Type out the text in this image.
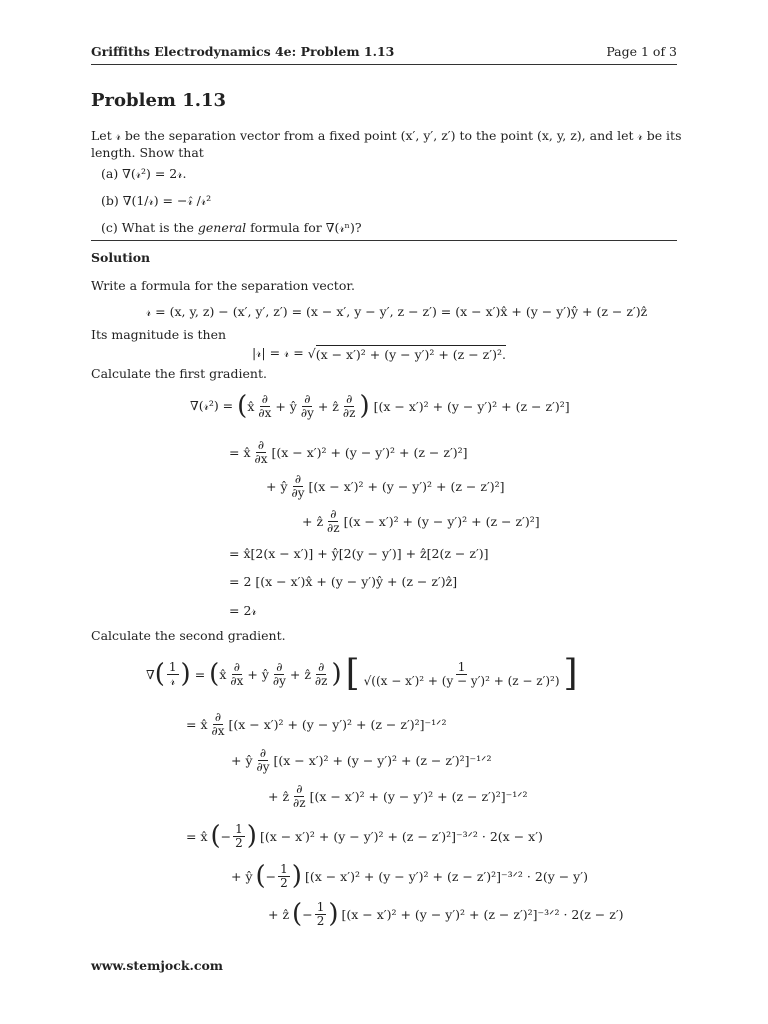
Griffiths Electrodynamics 4e: Problem 1.13	Page 1 of 3
Problem 1.13
Let 𝓇 be the separation vector from a fixed point (x′, y′, z′) to the point (x, y, z), and let 𝓇 be its
length. Show that
(a) ∇(𝓇²) = 2𝓇.
(b) ∇(1/𝓇) = −𝓇̂ /𝓇²
(c) What is the general formula for ∇(𝓇ⁿ)?
Solution
Write a formula for the separation vector.
𝓇 = (x, y, z) − (x′, y′, z′) = (x − x′, y − y′, z − z′) = (x − x′)x̂ + (y − y′)ŷ + (z − z′)ẑ
Its magnitude is then
|𝓇| = 𝓇 = √ (x − x′)² + (y − y′)² + (z − z′)².
Calculate the first gradient.
∇(𝓇²) = ( x̂ $\frac{\partial}{\partial x}$ + ŷ $\frac{\partial}{\partial y}$ + ẑ $\frac{\partial}{\partial z}$ ) [(x − x′)² + (y − y′)² + (z − z′)²]
= x̂ $\frac{\partial}{\partial x} [(x - x')^2 + (y - y')^2 + (z - z')^2]$
+ ŷ $\frac{\partial}{\partial y} [(x - x')^2 + (y - y')^2 + (z - z')^2]$
+ ẑ $\frac{\partial}{\partial z} [(x - x')^2 + (y - y')^2 + (z - z')^2]$
= x̂[2(x − x′)] + ŷ[2(y − y′)] + ẑ[2(z − z′)]
= 2 [(x − x′)x̂ + (y − y′)ŷ + (z − z′)ẑ]
= 2𝓇
Calculate the second gradient.
∇ ( $\frac{1}{\text{𝓇}}$ ) = ( x̂ $\frac{\partial}{\partial x}$ + ŷ $\frac{\partial}{\partial y}$ + ẑ $\frac{\partial}{\partial z}$ ) [ $\frac{1}{\text{√((x − x′)² + (y − y′)² + (z − z′)²)}}$ ]
= x̂ $\frac{\partial}{\partial x} [(x - x')^2 + (y - y')^2 + (z$ − z′)²]⁻¹ᐟ²
+ ŷ $\frac{\partial}{\partial y} [(x - x')^2 + (y - y')^2 + (z$ − z′)²]⁻¹ᐟ²
+ ẑ $\frac{\partial}{\partial z} [(x - x')^2 + (y - y')^2 + (z$ − z′)²]⁻¹ᐟ²
= x̂ ( − $\frac{1}{2}$ ) [(x − x′)² + (y − y′)² + (z − z′)²]⁻³ᐟ² · 2(x − x′)
+ ŷ ( − $\frac{1}{2}$ ) [(x − x′)² + (y − y′)² + (z − z′)²]⁻³ᐟ² · 2(y − y′)
+ ẑ ( − $\frac{1}{2}$ ) [(x − x′)² + (y − y′)² + (z − z′)²]⁻³ᐟ² · 2(z − z′)
www.stemjock.com
